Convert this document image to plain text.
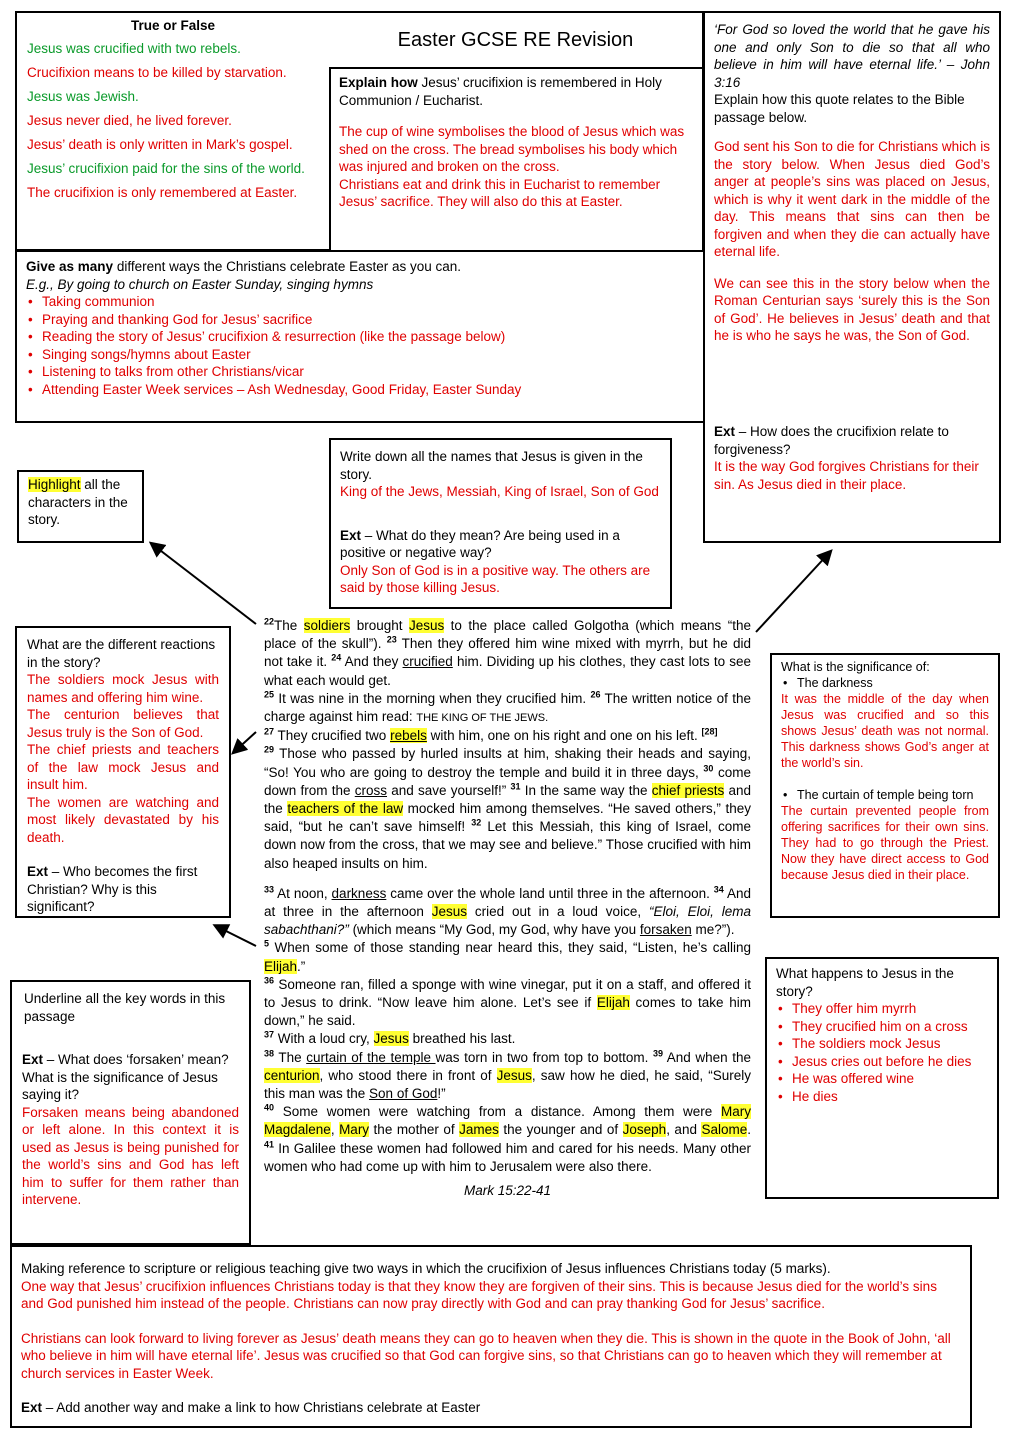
True or False

Jesus was crucified with two rebels.

Crucifixion means to be killed by starvation.

Jesus was Jewish.

Jesus never died, he lived forever.

Jesus’ death is only written in Mark’s gospel.

Jesus’ crucifixion paid for the sins of the world.

The crucifixion is only remembered at Easter.

Easter GCSE RE Revision

Explain how Jesus’ crucifixion is remembered in Holy Communion / Eucharist.

The cup of wine symbolises the blood of Jesus which was shed on the cross. The bread symbolises his body which was injured and broken on the cross.

Christians eat and drink this in Eucharist to remember Jesus’ sacrifice. They will also do this at Easter.

‘For God so loved the world that he gave his one and only Son to die so that all who believe in him will have eternal life.’ – John 3:16

Explain how this quote relates to the Bible passage below.

God sent his Son to die for Christians which is the story below. When Jesus died God’s anger at people’s sins was placed on Jesus, which is why it went dark in the middle of the day. This means that sins can then be forgiven and when they die can actually have eternal life.

We can see this in the story below when the Roman Centurian says ‘surely this is the Son of God’. He believes in Jesus’ death and that he is who he says he was, the Son of God.

Ext – How does the crucifixion relate to forgiveness?

It is the way God forgives Christians for their sin. As Jesus died in their place.

Give as many different ways the Christians celebrate Easter as you can.

E.g., By going to church on Easter Sunday, singing hymns

• Taking communion

• Praying and thanking God for Jesus’ sacrifice

• Reading the story of Jesus’ crucifixion & resurrection (like the passage below)

• Singing songs/hymns about Easter

• Listening to talks from other Christians/vicar

• Attending Easter Week services – Ash Wednesday, Good Friday, Easter Sunday

Write down all the names that Jesus is given in the story.

King of the Jews, Messiah, King of Israel, Son of God

Ext – What do they mean? Are being used in a positive or negative way?

Only Son of God is in a positive way. The others are said by those killing Jesus.

Highlight all the characters in the story.

What are the different reactions in the story?

The soldiers mock Jesus with names and offering him wine.

The centurion believes that Jesus truly is the Son of God.

The chief priests and teachers of the law mock Jesus and insult him.

The women are watching and most likely devastated by his death.

Ext – Who becomes the first Christian? Why is this significant?

What is the significance of:

• The darkness

It was the middle of the day when Jesus was crucified and so this shows Jesus’ death was not normal. This darkness shows God’s anger at the world’s sin.

• The curtain of temple being torn

The curtain prevented people from offering sacrifices for their own sins. They had to go through the Priest. Now they have direct access to God because Jesus died in their place.

What happens to Jesus in the story?

• They offer him myrrh

• They crucified him on a cross

• The soldiers mock Jesus

• Jesus cries out before he dies

• He was offered wine

• He dies

Underline all the key words in this passage

Ext – What does ‘forsaken’ mean? What is the significance of Jesus saying it?

Forsaken means being abandoned or left alone. In this context it is used as Jesus is being punished for the world’s sins and God has left him to suffer for them rather than intervene.

$^{22}$The soldiers brought Jesus to the place called Golgotha (which means “the place of the skull”). $^{23}$ Then they offered him wine mixed with myrrh, but he did not take it. $^{24}$ And they crucified him. Dividing up his clothes, they cast lots to see what each would get.
$^{25}$ It was nine in the morning when they crucified him. $^{26}$ The written notice of the charge against him read: THE KING OF THE JEWS.
$^{27}$ They crucified two rebels with him, one on his right and one on his left. [28]
$^{29}$ Those who passed by hurled insults at him, shaking their heads and saying, “So! You who are going to destroy the temple and build it in three days, $^{30}$ come down from the cross and save yourself!” $^{31}$ In the same way the chief priests and the teachers of the law mocked him among themselves. “He saved others,” they said, “but he can’t save himself! $^{32}$ Let this Messiah, this king of Israel, come down now from the cross, that we may see and believe.” Those crucified with him also heaped insults on him.

$^{33}$ At noon, darkness came over the whole land until three in the afternoon. $^{34}$ And at three in the afternoon Jesus cried out in a loud voice, “Eloi, Eloi, lema sabachthani?” (which means “My God, my God, why have you forsaken me?”).
$^5$ When some of those standing near heard this, they said, “Listen, he’s calling Elijah.”
$^{36}$ Someone ran, filled a sponge with wine vinegar, put it on a staff, and offered it to Jesus to drink. “Now leave him alone. Let’s see if Elijah comes to take him down,” he said.
$^{37}$ With a loud cry, Jesus breathed his last.
$^{38}$ The curtain of the temple was torn in two from top to bottom. $^{39}$ And when the centurion, who stood there in front of Jesus, saw how he died, he said, “Surely this man was the Son of God!”
$^{40}$ Some women were watching from a distance. Among them were Mary Magdalene, Mary the mother of James the younger and of Joseph, and Salome. $^{41}$ In Galilee these women had followed him and cared for his needs. Many other women who had come up with him to Jerusalem were also there.

Mark 15:22-41

Making reference to scripture or religious teaching give two ways in which the crucifixion of Jesus influences Christians today (5 marks).

One way that Jesus’ crucifixion influences Christians today is that they know they are forgiven of their sins. This is because Jesus died for the world’s sins and God punished him instead of the people. Christians can now pray directly with God and can pray thanking God for Jesus’ sacrifice.

Christians can look forward to living forever as Jesus’ death means they can go to heaven when they die. This is shown in the quote in the Book of John, ‘all who believe in him will have eternal life’. Jesus was crucified so that God can forgive sins, so that Christians can go to heaven which they will remember at church services in Easter Week.

Ext – Add another way and make a link to how Christians celebrate at Easter
